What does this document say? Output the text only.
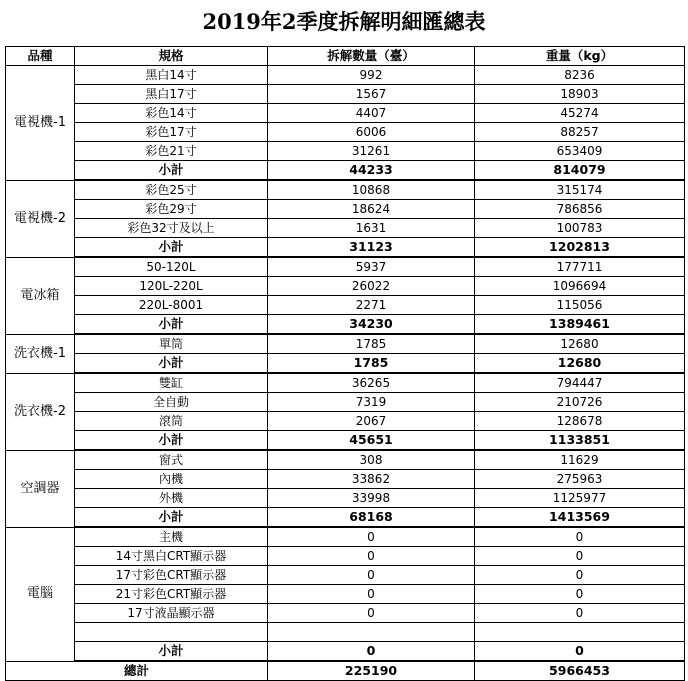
2019年2季度拆解明細匯總表
品種	規格	拆解數量（臺）	重量（kg）
電視機-1	黑白14寸	992	8236
	黑白17寸	1567	18903
	彩色14寸	4407	45274
	彩色17寸	6006	88257
	彩色21寸	31261	653409
	小計	44233	814079
電視機-2	彩色25寸	10868	315174
	彩色29寸	18624	786856
	彩色32寸及以上	1631	100783
	小計	31123	1202813
電冰箱	50-120L	5937	177711
	120L-220L	26022	1096694
	220L-8001	2271	115056
	小計	34230	1389461
洗衣機-1	單筒	1785	12680
	小計	1785	12680
洗衣機-2	雙缸	36265	794447
	全自動	7319	210726
	滾筒	2067	128678
	小計	45651	1133851
空調器	窗式	308	11629
	內機	33862	275963
	外機	33998	1125977
	小計	68168	1413569
電腦	主機	0	0
	14寸黑白CRT顯示器	0	0
	17寸彩色CRT顯示器	0	0
	21寸彩色CRT顯示器	0	0
	17寸液晶顯示器	0	0

	小計	0	0
總計		225190	5966453
